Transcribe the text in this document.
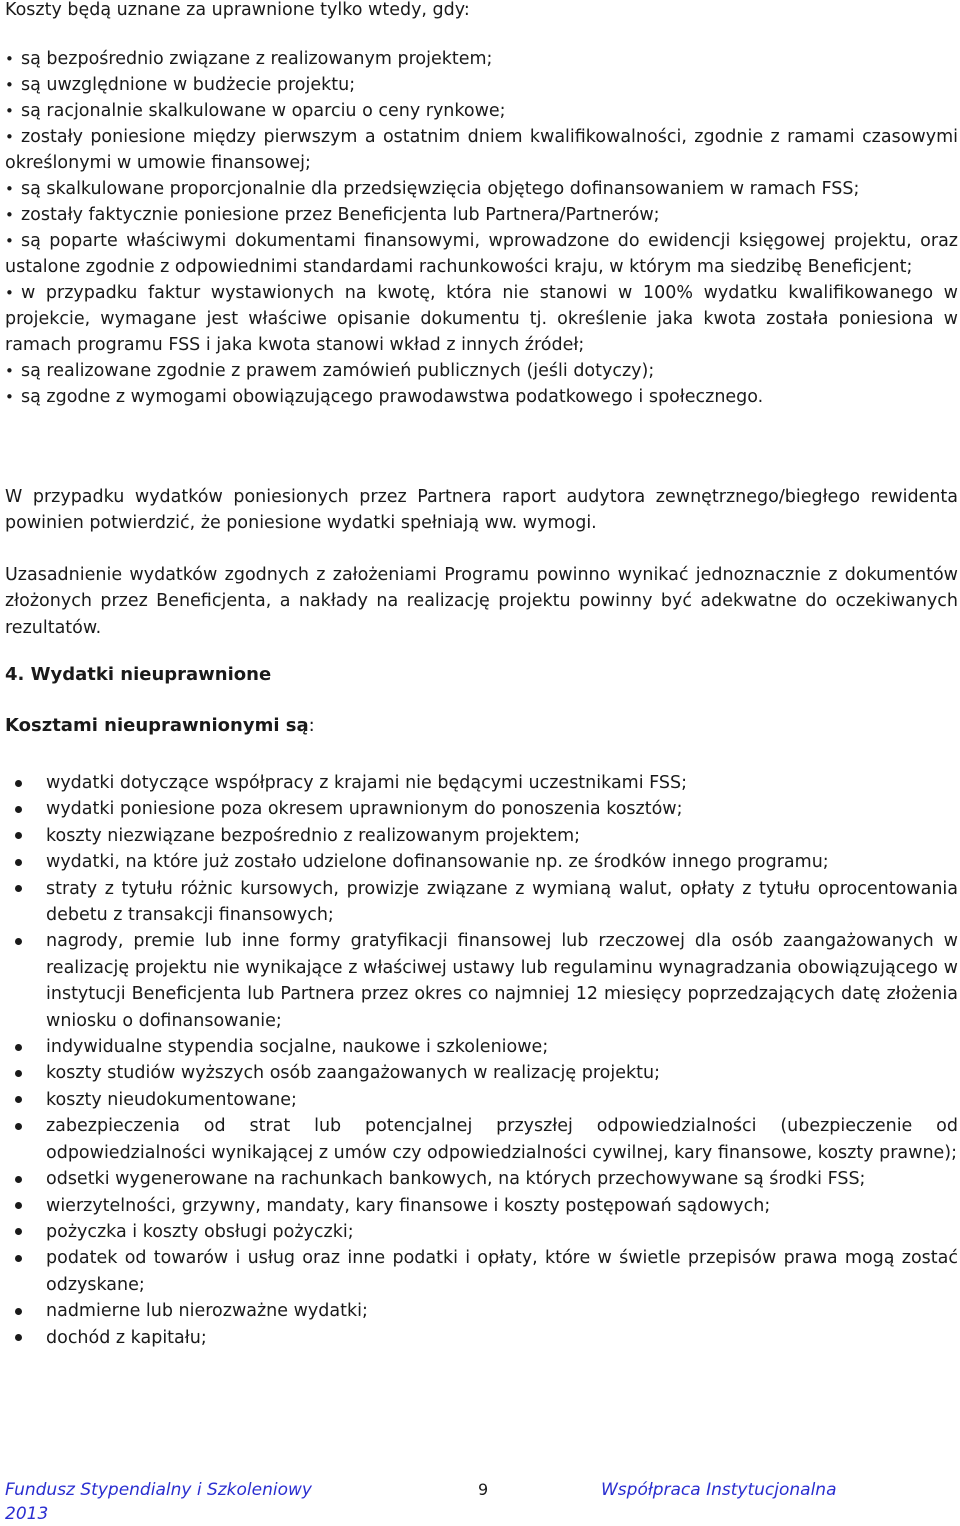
Koszty będą uznane za uprawnione tylko wtedy, gdy:
• są bezpośrednio związane z realizowanym projektem;
• są uwzględnione w budżecie projektu;
• są racjonalnie skalkulowane w oparciu o ceny rynkowe;
• zostały poniesione między pierwszym a ostatnim dniem kwalifikowalności, zgodnie z ramami czasowymi określonymi w umowie finansowej;
• są skalkulowane proporcjonalnie dla przedsięwzięcia objętego dofinansowaniem w ramach FSS;
• zostały faktycznie poniesione przez Beneficjenta lub Partnera/Partnerów;
• są poparte właściwymi dokumentami finansowymi, wprowadzone do ewidencji księgowej projektu, oraz ustalone zgodnie z odpowiednimi standardami rachunkowości kraju, w którym ma siedzibę Beneficjent;
• w przypadku faktur wystawionych na kwotę, która nie stanowi w 100% wydatku kwalifikowanego w projekcie, wymagane jest właściwe opisanie dokumentu tj. określenie jaka kwota została poniesiona w ramach programu FSS i jaka kwota stanowi wkład z innych źródeł;
• są realizowane zgodnie z prawem zamówień publicznych (jeśli dotyczy);
• są zgodne z wymogami obowiązującego prawodawstwa podatkowego i społecznego.

W przypadku wydatków poniesionych przez Partnera raport audytora zewnętrznego/biegłego rewidenta powinien potwierdzić, że poniesione wydatki spełniają ww. wymogi.

Uzasadnienie wydatków zgodnych z założeniami Programu powinno wynikać jednoznacznie z dokumentów złożonych przez Beneficjenta, a nakłady na realizację projektu powinny być adekwatne do oczekiwanych rezultatów.

4. Wydatki nieuprawnione
Kosztami nieuprawnionymi są:
wydatki dotyczące współpracy z krajami nie będącymi uczestnikami FSS;
wydatki poniesione poza okresem uprawnionym do ponoszenia kosztów;
koszty niezwiązane bezpośrednio z realizowanym projektem;
wydatki, na które już zostało udzielone dofinansowanie np. ze środków innego programu;
straty z tytułu różnic kursowych, prowizje związane z wymianą walut, opłaty z tytułu oprocentowania debetu z transakcji finansowych;
nagrody, premie lub inne formy gratyfikacji finansowej lub rzeczowej dla osób zaangażowanych w realizację projektu nie wynikające z właściwej ustawy lub regulaminu wynagradzania obowiązującego w instytucji Beneficjenta lub Partnera przez okres co najmniej 12 miesięcy poprzedzających datę złożenia wniosku o dofinansowanie;
indywidualne stypendia socjalne, naukowe i szkoleniowe;
koszty studiów wyższych osób zaangażowanych w realizację projektu;
koszty nieudokumentowane;
zabezpieczenia od strat lub potencjalnej przyszłej odpowiedzialności (ubezpieczenie od odpowiedzialności wynikającej z umów czy odpowiedzialności cywilnej, kary finansowe, koszty prawne);
odsetki wygenerowane na rachunkach bankowych, na których przechowywane są środki FSS;
wierzytelności, grzywny, mandaty, kary finansowe i koszty postępowań sądowych;
pożyczka i koszty obsługi pożyczki;
podatek od towarów i usług oraz inne podatki i opłaty, które w świetle przepisów prawa mogą zostać odzyskane;
nadmierne lub nierozważne wydatki;
dochód z kapitału;
Fundusz Stypendialny i Szkoleniowy 2013
9	Współpraca Instytucjonalna
